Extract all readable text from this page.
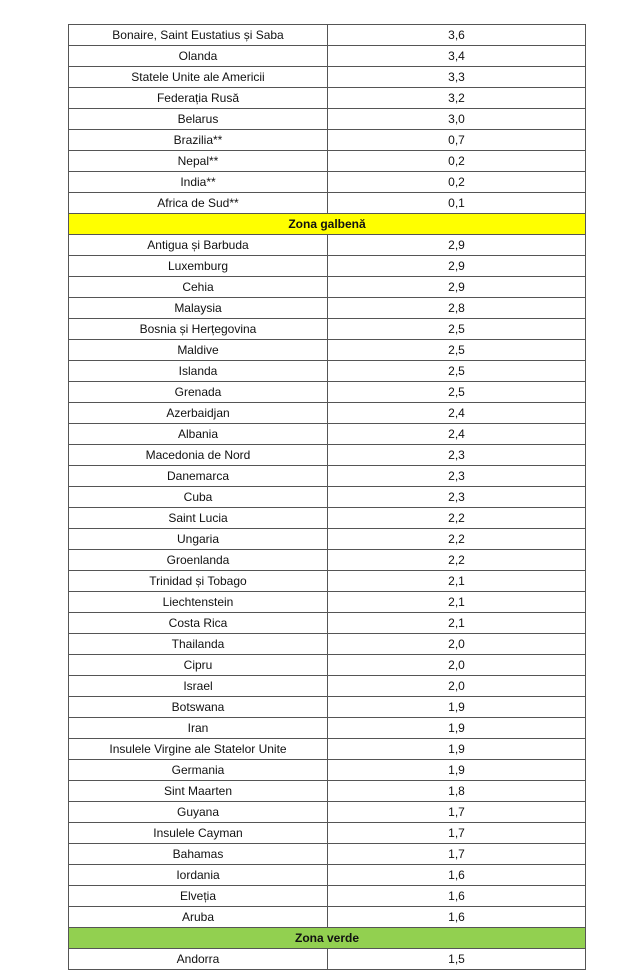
Bonaire, Saint Eustatius și Saba	3,6
Olanda	3,4
Statele Unite ale Americii	3,3
Federația Rusă	3,2
Belarus	3,0
Brazilia**	0,7
Nepal**	0,2
India**	0,2
Africa de Sud**	0,1
Zona galbenă	
Antigua și Barbuda	2,9
Luxemburg	2,9
Cehia	2,9
Malaysia	2,8
Bosnia și Herțegovina	2,5
Maldive	2,5
Islanda	2,5
Grenada	2,5
Azerbaidjan	2,4
Albania	2,4
Macedonia de Nord	2,3
Danemarca	2,3
Cuba	2,3
Saint Lucia	2,2
Ungaria	2,2
Groenlanda	2,2
Trinidad și Tobago	2,1
Liechtenstein	2,1
Costa Rica	2,1
Thailanda	2,0
Cipru	2,0
Israel	2,0
Botswana	1,9
Iran	1,9
Insulele Virgine ale Statelor Unite	1,9
Germania	1,9
Sint Maarten	1,8
Guyana	1,7
Insulele Cayman	1,7
Bahamas	1,7
Iordania	1,6
Elveția	1,6
Aruba	1,6
Zona verde	
Andorra	1,5
